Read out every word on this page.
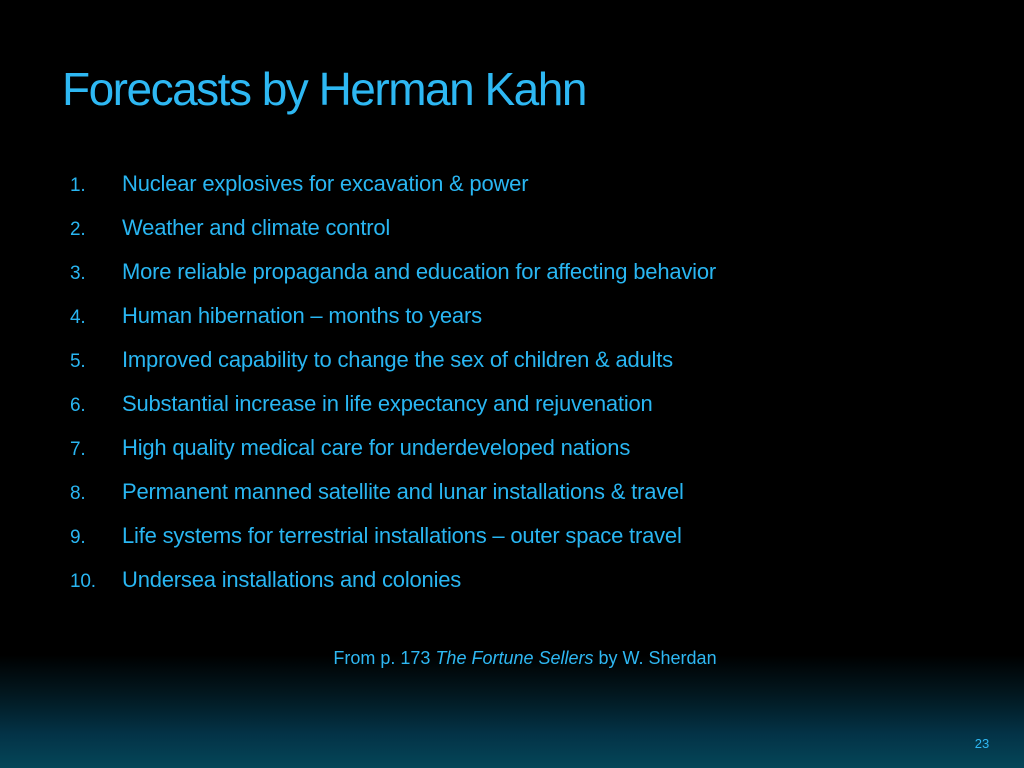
Forecasts by Herman Kahn
1.	Nuclear explosives for excavation & power
2.	Weather and climate control
3.	More reliable propaganda and education for affecting behavior
4.	Human hibernation – months to years
5.	Improved capability to change the sex of children & adults
6.	Substantial increase in life expectancy and rejuvenation
7.	High quality medical care for underdeveloped nations
8.	Permanent manned satellite and lunar installations & travel
9.	Life systems for terrestrial installations – outer space travel
10.	Undersea installations and colonies
From p. 173 The Fortune Sellers by W. Sherdan
23
